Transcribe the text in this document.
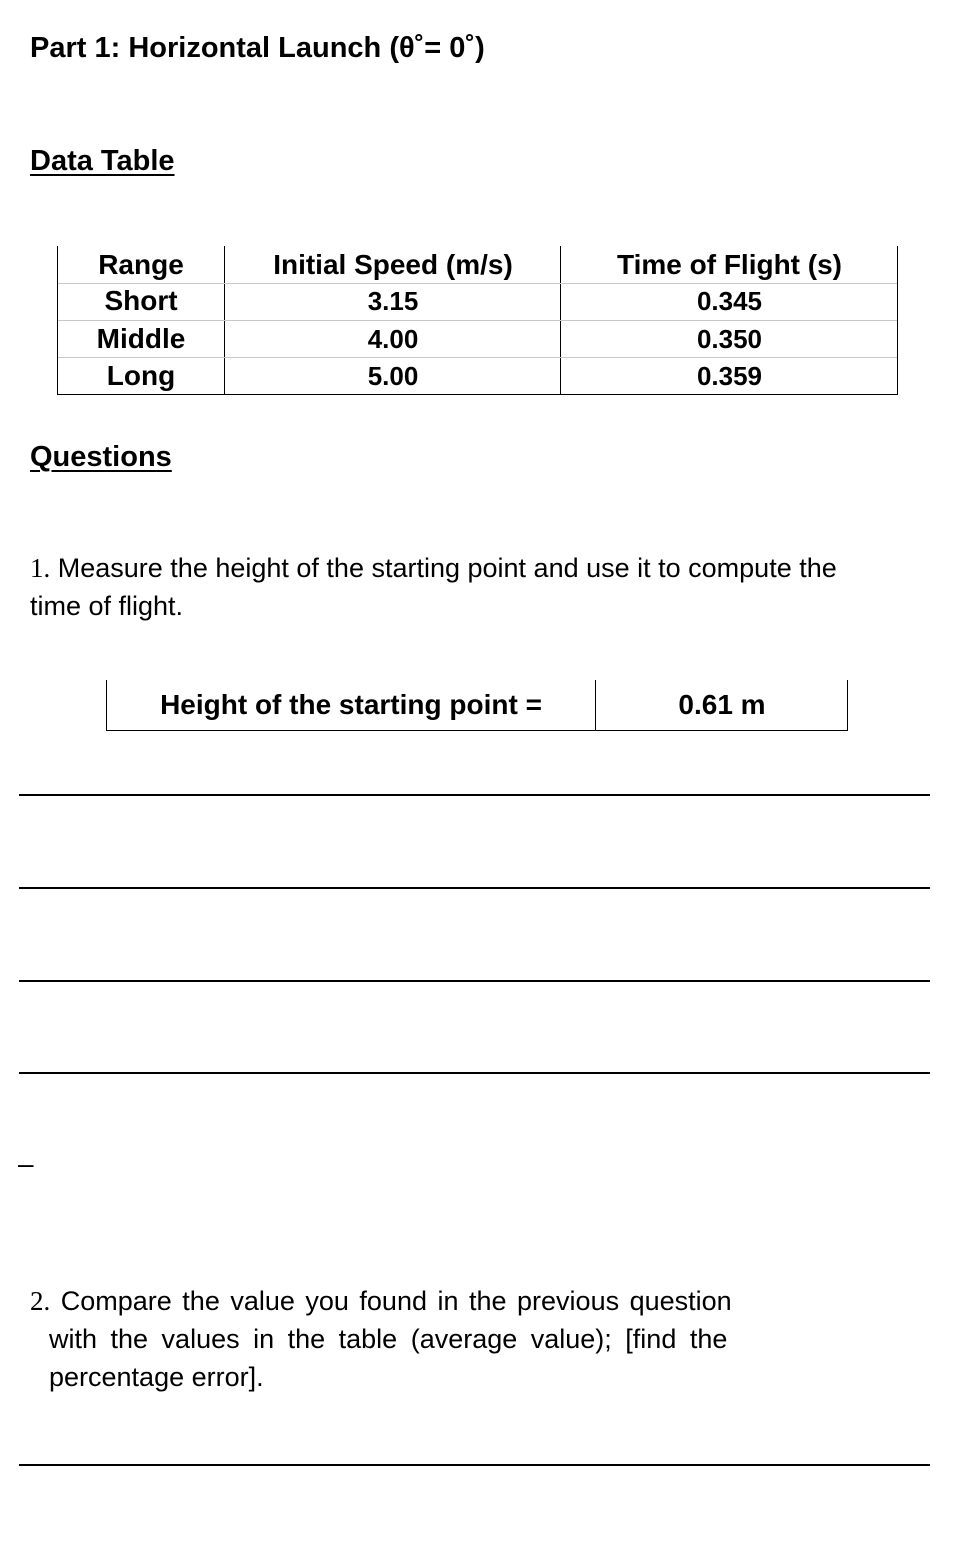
Part 1: Horizontal Launch (θ˚= 0˚)
Data Table
Range	Initial Speed (m/s)	Time of Flight (s)
Short	3.15	0.345
Middle	4.00	0.350
Long	5.00	0.359
Questions
1. Measure the height of the starting point and use it to compute the
time of flight.
Height of the starting point =	0.61 m
–
2. Compare the value you found in the previous question
with the values in the table (average value); [find the
percentage error].
